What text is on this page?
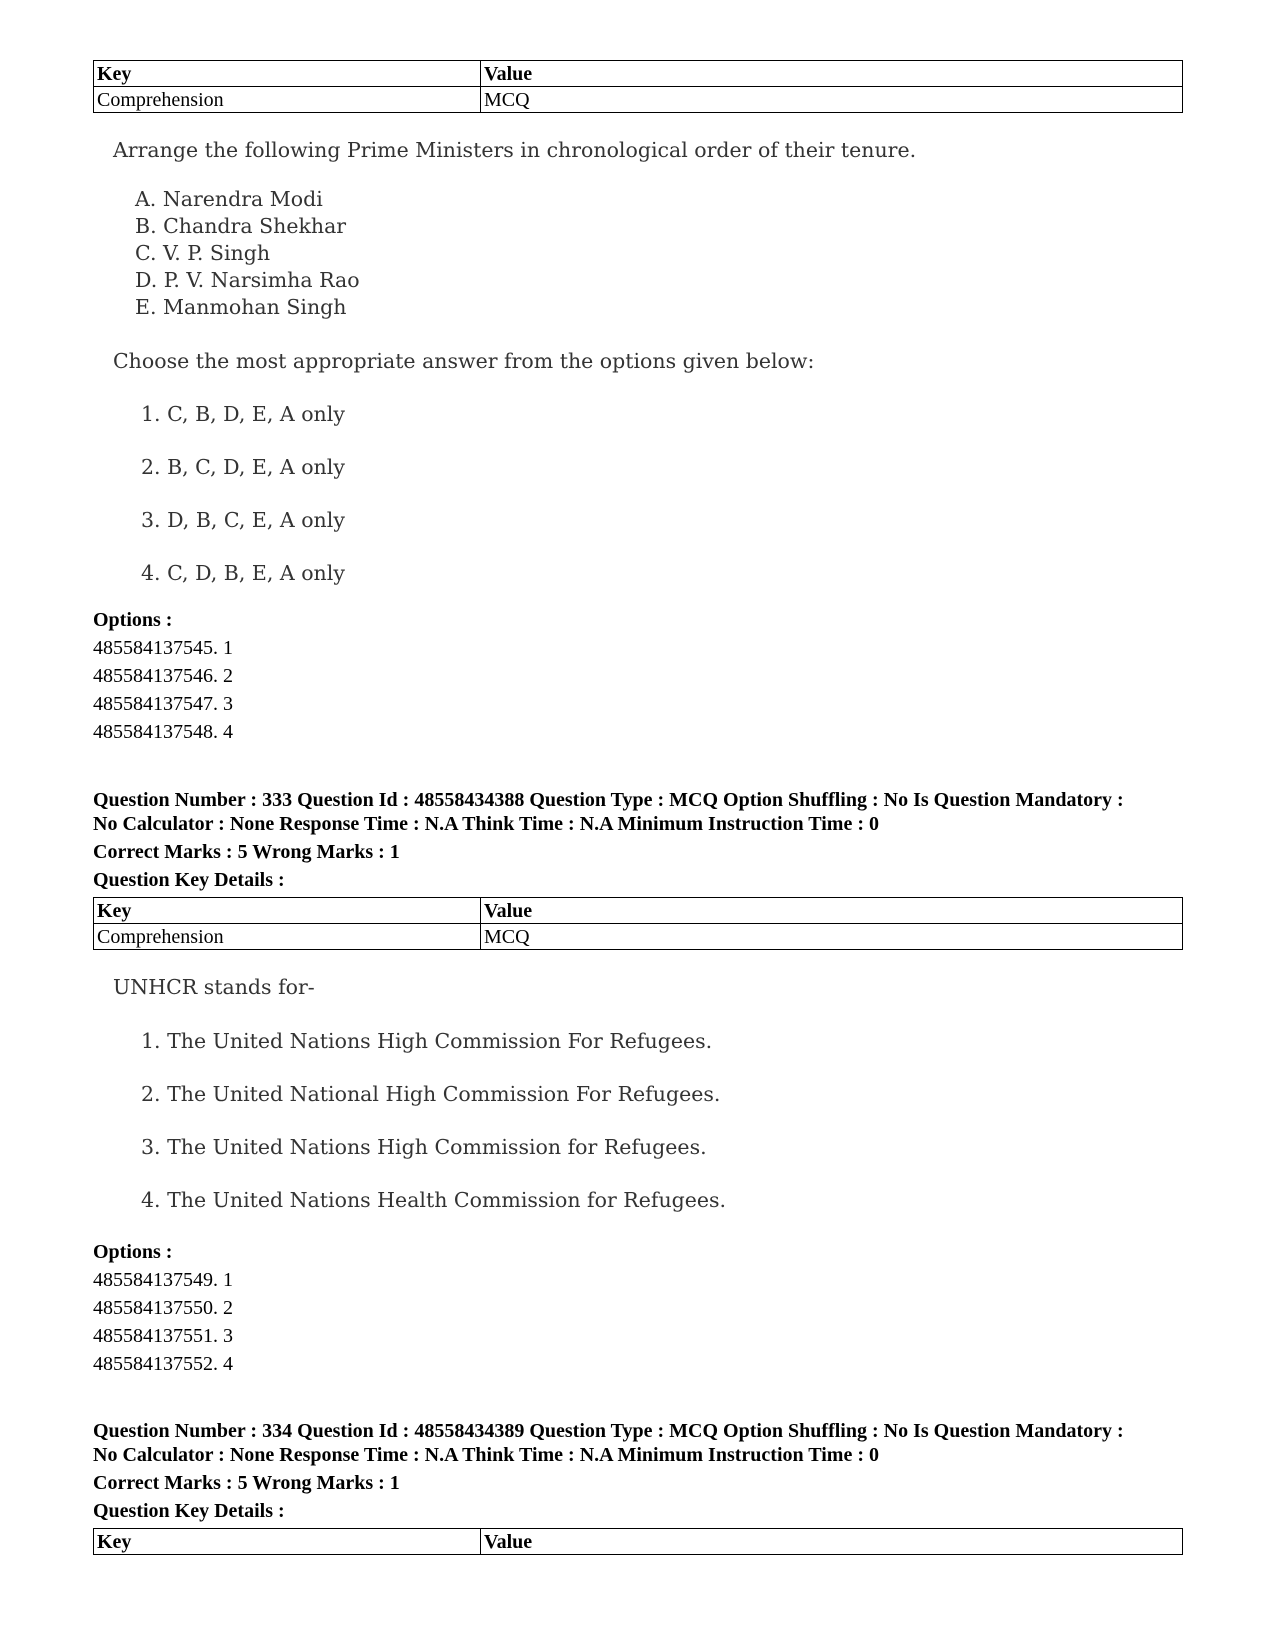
Key	Value
Comprehension	MCQ
Arrange the following Prime Ministers in chronological order of their tenure.
A. Narendra Modi
B. Chandra Shekhar
C. V. P. Singh
D. P. V. Narsimha Rao
E. Manmohan Singh
Choose the most appropriate answer from the options given below:
1. C, B, D, E, A only
2. B, C, D, E, A only
3. D, B, C, E, A only
4. C, D, B, E, A only
Options :
485584137545. 1
485584137546. 2
485584137547. 3
485584137548. 4
Question Number : 333 Question Id : 48558434388 Question Type : MCQ Option Shuffling : No Is Question Mandatory :
No Calculator : None Response Time : N.A Think Time : N.A Minimum Instruction Time : 0
Correct Marks : 5 Wrong Marks : 1
Question Key Details :
Key	Value
Comprehension	MCQ
UNHCR stands for-
1. The United Nations High Commission For Refugees.
2. The United National High Commission For Refugees.
3. The United Nations High Commission for Refugees.
4. The United Nations Health Commission for Refugees.
Options :
485584137549. 1
485584137550. 2
485584137551. 3
485584137552. 4
Question Number : 334 Question Id : 48558434389 Question Type : MCQ Option Shuffling : No Is Question Mandatory :
No Calculator : None Response Time : N.A Think Time : N.A Minimum Instruction Time : 0
Correct Marks : 5 Wrong Marks : 1
Question Key Details :
Key	Value
